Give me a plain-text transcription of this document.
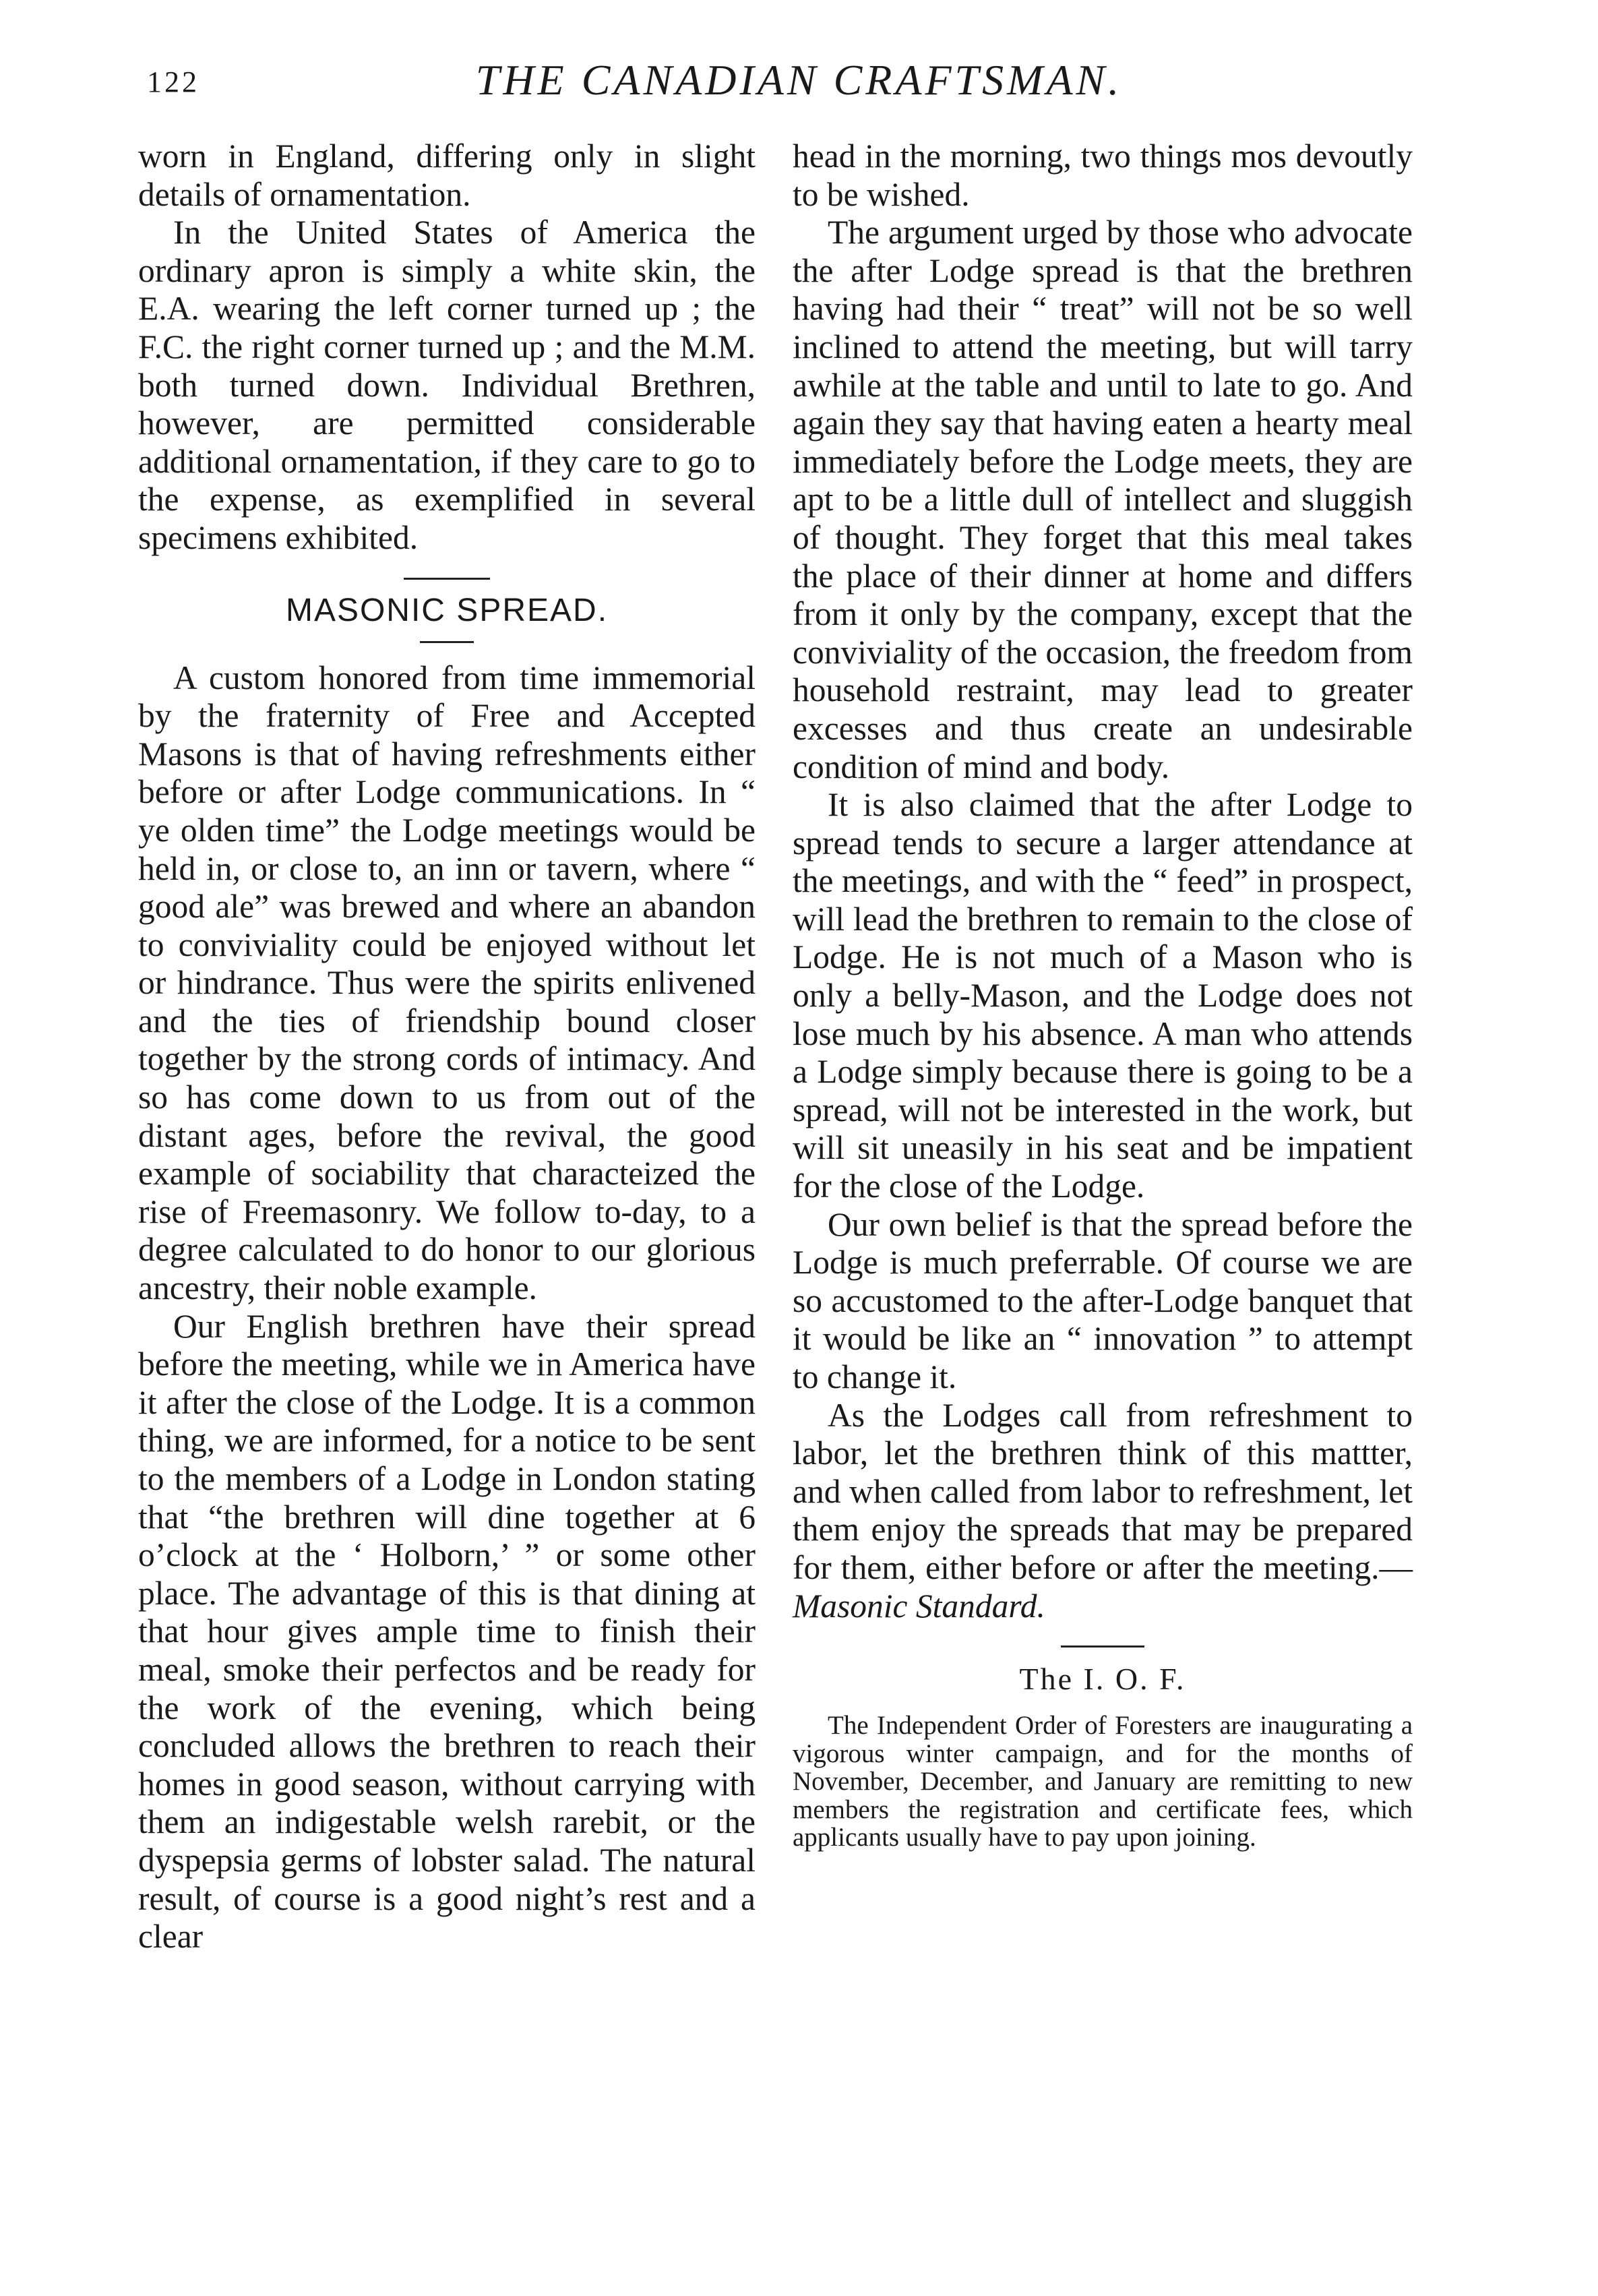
122	THE CANADIAN CRAFTSMAN.

worn in England, differing only in slight details of ornamentation.

In the United States of America the ordinary apron is simply a white skin, the E.A. wearing the left corner turned up ; the F.C. the right corner turned up ; and the M.M. both turned down. Individual Brethren, however, are permitted considerable additional ornamentation, if they care to go to the expense, as exemplified in several specimens exhibited.

MASONIC SPREAD.

A custom honored from time immemorial by the fraternity of Free and Accepted Masons is that of having refreshments either before or after Lodge communications. In “ ye olden time” the Lodge meetings would be held in, or close to, an inn or tavern, where “ good ale” was brewed and where an abandon to conviviality could be enjoyed without let or hindrance. Thus were the spirits enlivened and the ties of friendship bound closer together by the strong cords of intimacy. And so has come down to us from out of the distant ages, before the revival, the good example of sociability that characteized the rise of Freemasonry. We follow to-day, to a degree calculated to do honor to our glorious ancestry, their noble example.

Our English brethren have their spread before the meeting, while we in America have it after the close of the Lodge. It is a common thing, we are informed, for a notice to be sent to the members of a Lodge in London stating that “the brethren will dine together at 6 o’clock at the ‘ Holborn,’ ” or some other place. The advantage of this is that dining at that hour gives ample time to finish their meal, smoke their perfectos and be ready for the work of the evening, which being concluded allows the brethren to reach their homes in good season, without carrying with them an indigestable welsh rarebit, or the dyspepsia germs of lobster salad. The natural result, of course is a good night’s rest and a clear

head in the morning, two things mos devoutly to be wished.

The argument urged by those who advocate the after Lodge spread is that the brethren having had their “ treat” will not be so well inclined to attend the meeting, but will tarry awhile at the table and until to late to go. And again they say that having eaten a hearty meal immediately before the Lodge meets, they are apt to be a little dull of intellect and sluggish of thought. They forget that this meal takes the place of their dinner at home and differs from it only by the company, except that the conviviality of the occasion, the freedom from household restraint, may lead to greater excesses and thus create an undesirable condition of mind and body.

It is also claimed that the after Lodge to spread tends to secure a larger attendance at the meetings, and with the “ feed” in prospect, will lead the brethren to remain to the close of Lodge. He is not much of a Mason who is only a belly-Mason, and the Lodge does not lose much by his absence. A man who attends a Lodge simply because there is going to be a spread, will not be interested in the work, but will sit uneasily in his seat and be impatient for the close of the Lodge.

Our own belief is that the spread before the Lodge is much preferrable. Of course we are so accustomed to the after-Lodge banquet that it would be like an “ innovation ” to attempt to change it.

As the Lodges call from refreshment to labor, let the brethren think of this mattter, and when called from labor to refreshment, let them enjoy the spreads that may be prepared for them, either before or after the meeting.—Masonic Standard.

The I. O. F.

The Independent Order of Foresters are inaugurating a vigorous winter campaign, and for the months of November, December, and January are remitting to new members the registration and certificate fees, which applicants usually have to pay upon joining.
